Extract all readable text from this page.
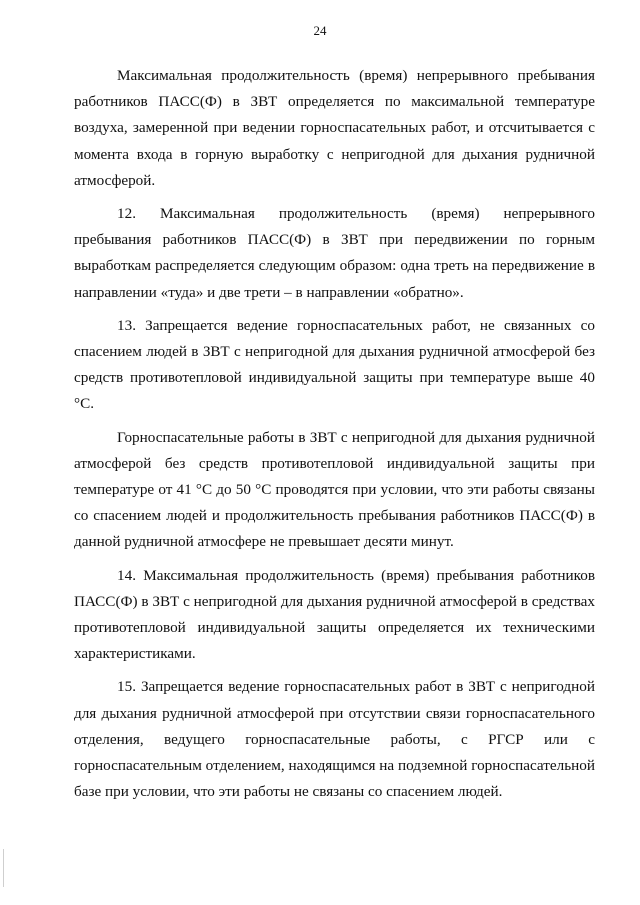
24

Максимальная продолжительность (время) непрерывного пребывания работников ПАСС(Ф) в ЗВТ определяется по максимальной температуре воздуха, замеренной при ведении горноспасательных работ, и отсчитывается с момента входа в горную выработку с непригодной для дыхания рудничной атмосферой.

12. Максимальная продолжительность (время) непрерывного пребывания работников ПАСС(Ф) в ЗВТ при передвижении по горным выработкам распределяется следующим образом: одна треть на передвижение в направлении «туда» и две трети – в направлении «обратно».

13. Запрещается ведение горноспасательных работ, не связанных со спасением людей в ЗВТ с непригодной для дыхания рудничной атмосферой без средств противотепловой индивидуальной защиты при температуре выше 40 °С.

Горноспасательные работы в ЗВТ с непригодной для дыхания рудничной атмосферой без средств противотепловой индивидуальной защиты при температуре от 41 °С до 50 °С проводятся при условии, что эти работы связаны со спасением людей и продолжительность пребывания работников ПАСС(Ф) в данной рудничной атмосфере не превышает десяти минут.

14. Максимальная продолжительность (время) пребывания работников ПАСС(Ф) в ЗВТ с непригодной для дыхания рудничной атмосферой в средствах противотепловой индивидуальной защиты определяется их техническими характеристиками.

15. Запрещается ведение горноспасательных работ в ЗВТ с непригодной для дыхания рудничной атмосферой при отсутствии связи горноспасательного отделения, ведущего горноспасательные работы, с РГСР или с горноспасательным отделением, находящимся на подземной горноспасательной базе при условии, что эти работы не связаны со спасением людей.
